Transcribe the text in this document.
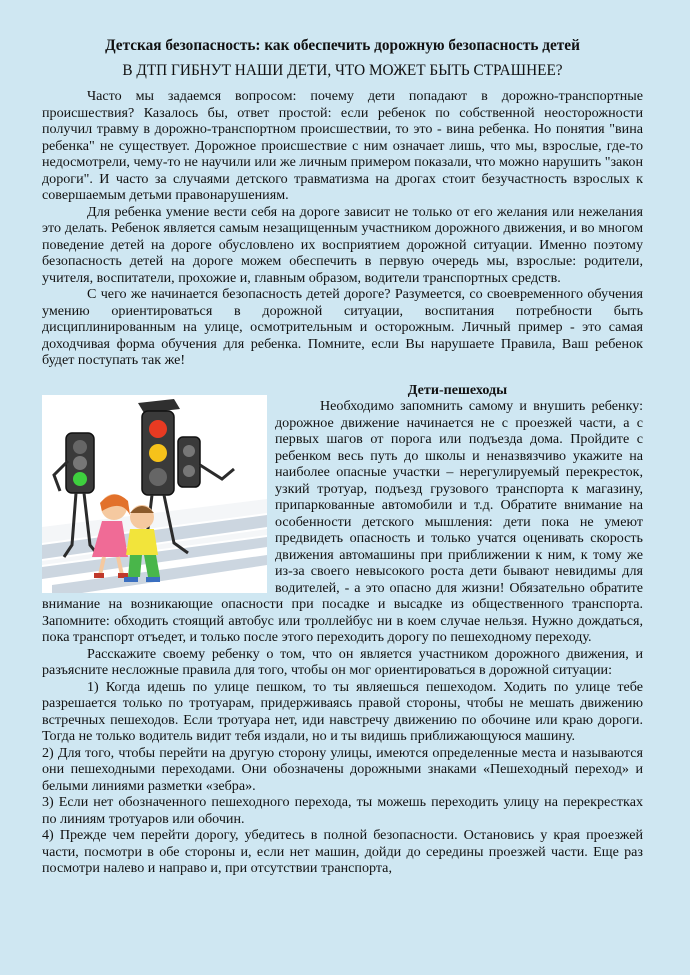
Детская безопасность: как обеспечить дорожную безопасность детей
В ДТП ГИБНУТ НАШИ ДЕТИ, ЧТО МОЖЕТ БЫТЬ СТРАШНЕЕ?

Часто мы задаемся вопросом: почему дети попадают в дорожно-транспортные происшествия? Казалось бы, ответ простой: если ребенок по собственной неосторожности получил травму в дорожно-транспортном происшествии, то это - вина ребенка. Но понятия "вина ребенка" не существует. Дорожное происшествие с ним означает лишь, что мы, взрослые, где-то недосмотрели, чему-то не научили или же личным примером показали, что можно нарушить "закон дороги". И часто за случаями детского травматизма на дрогах стоит безучастность взрослых к совершаемым детьми правонарушениям.

Для ребенка умение вести себя на дороге зависит не только от его желания или нежелания это делать. Ребенок является самым незащищенным участником дорожного движения, и во многом поведение детей на дороге обусловлено их восприятием дорожной ситуации. Именно поэтому безопасность детей на дороге можем обеспечить в первую очередь мы, взрослые: родители, учителя, воспитатели, прохожие и, главным образом, водители транспортных средств.

С чего же начинается безопасность детей дороге? Разумеется, со своевременного обучения умению ориентироваться в дорожной ситуации, воспитания потребности быть дисциплинированным на улице, осмотрительным и осторожным. Личный пример - это самая доходчивая форма обучения для ребенка. Помните, если Вы нарушаете Правила, Ваш ребенок будет поступать так же!

Дети-пешеходы

Необходимо запомнить самому и внушить ребенку: дорожное движение начинается не с проезжей части, а с первых шагов от порога или подъезда дома. Пройдите с ребенком весь путь до школы и неназвязчиво укажите на наиболее опасные участки – нерегулируемый перекресток, узкий тротуар, подъезд грузового транспорта к магазину, припаркованные автомобили и т.д. Обратите внимание на особенности детского мышления: дети пока не умеют предвидеть опасность и только учатся оценивать скорость движения автомашины при приближении к ним, к тому же из-за своего невысокого роста дети бывают невидимы для водителей, - а это опасно для жизни! Обязательно обратите внимание на возникающие опасности при посадке и высадке из общественного транспорта. Запомните: обходить стоящий автобус или троллейбус ни в коем случае нельзя. Нужно дождаться, пока транспорт отъедет, и только после этого переходить дорогу по пешеходному переходу.

Расскажите своему ребенку о том, что он является участником дорожного движения, и разъясните несложные правила для того, чтобы он мог ориентироваться в дорожной ситуации:

1) Когда идешь по улице пешком, то ты являешься пешеходом. Ходить по улице тебе разрешается только по тротуарам, придерживаясь правой стороны, чтобы не мешать движению встречных пешеходов. Если тротуара нет, иди навстречу движению по обочине или краю дороги. Тогда не только водитель видит тебя издали, но и ты видишь приближающуюся машину.

2) Для того, чтобы перейти на другую сторону улицы, имеются определенные места и называются они пешеходными переходами. Они обозначены дорожными знаками «Пешеходный переход» и белыми линиями разметки «зебра».

3) Если нет обозначенного пешеходного перехода, ты можешь переходить улицу на перекрестках по линиям тротуаров или обочин.

4) Прежде чем перейти дорогу, убедитесь в полной безопасности. Остановись у края проезжей части, посмотри в обе стороны и, если нет машин, дойди до середины проезжей части. Еще раз посмотри налево и направо и, при отсутствии транспорта,
